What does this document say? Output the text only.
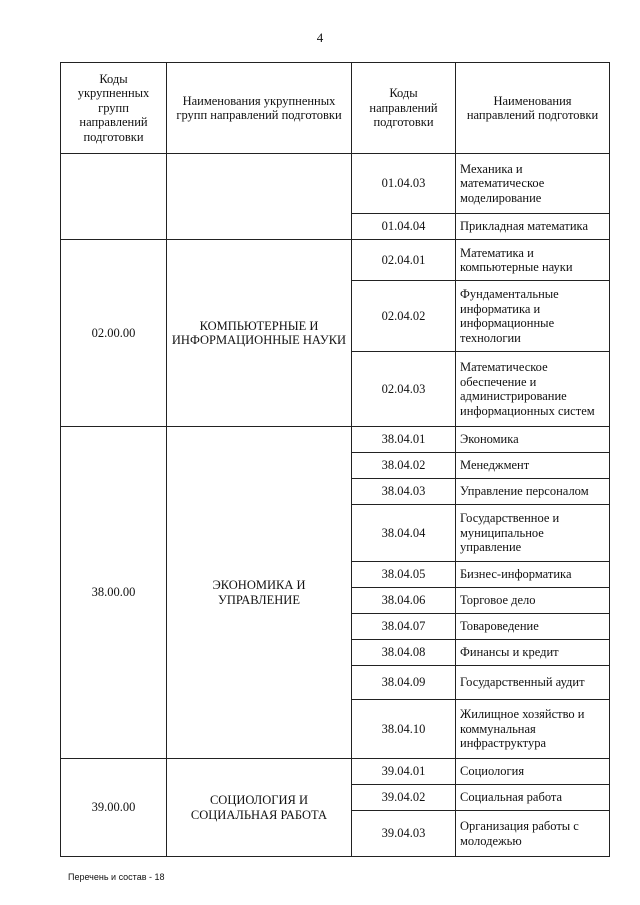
4
Коды укрупненных групп направлений подготовки	Наименования укрупненных групп направлений подготовки	Коды направлений подготовки	Наименования направлений подготовки
		01.04.03	Механика и математическое моделирование
		01.04.04	Прикладная математика
02.00.00	КОМПЬЮТЕРНЫЕ И ИНФОРМАЦИОННЫЕ НАУКИ	02.04.01	Математика и компьютерные науки
		02.04.02	Фундаментальные информатика и информационные технологии
		02.04.03	Математическое обеспечение и администрирование информационных систем
38.00.00	ЭКОНОМИКА И УПРАВЛЕНИЕ	38.04.01	Экономика
		38.04.02	Менеджмент
		38.04.03	Управление персоналом
		38.04.04	Государственное и муниципальное управление
		38.04.05	Бизнес-информатика
		38.04.06	Торговое дело
		38.04.07	Товароведение
		38.04.08	Финансы и кредит
		38.04.09	Государственный аудит
		38.04.10	Жилищное хозяйство и коммунальная инфраструктура
39.00.00	СОЦИОЛОГИЯ И СОЦИАЛЬНАЯ РАБОТА	39.04.01	Социология
		39.04.02	Социальная работа
		39.04.03	Организация работы с молодежью
Перечень и состав - 18
